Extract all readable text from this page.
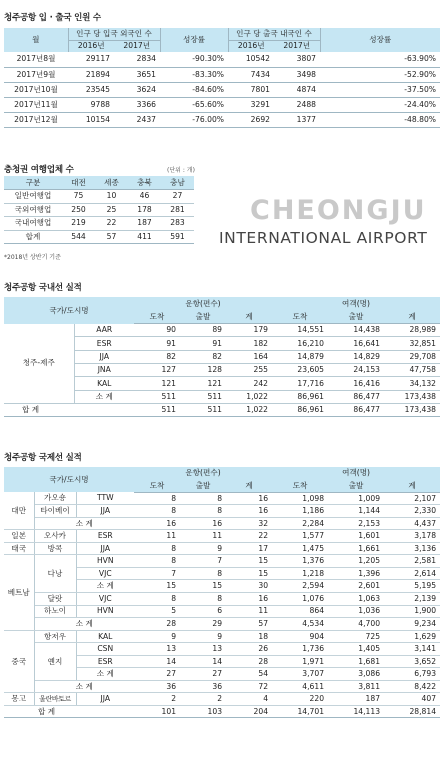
청주공항 입 · 출국 인원 수
월	인구 당 입국 외국인 수		성장률	인구 당 출국 내국인 수		성장률
	2016년	2017년		2016년	2017년	
2017년8월	29117	2834	-90.30%	10542	3807	-63.90%
2017년9월	21894	3651	-83.30%	7434	3498	-52.90%
2017년10월	23545	3624	-84.60%	7801	4874	-37.50%
2017년11월	9788	3366	-65.60%	3291	2488	-24.40%
2017년12월	10154	2437	-76.00%	2692	1377	-48.80%
충청권 여행업체 수	(단위 : 개)
구분	대전	세종	충북	충남
일반여행업	75	10	46	27
국외여행업	250	25	178	281
국내여행업	219	22	187	283
합계	544	57	411	591
*2018년 상반기 기준
CHEONGJU
INTERNATIONAL AIRPORT
청주공항 국내선 실적
국가/도시명		운항(편수)			여객(명)		
		도착	출발	계	도착	출발	계
청주-제주	AAR	90	89	179	14,551	14,438	28,989
	ESR	91	91	182	16,210	16,641	32,851
	JJA	82	82	164	14,879	14,829	29,708
	JNA	127	128	255	23,605	24,153	47,758
	KAL	121	121	242	17,716	16,416	34,132
	소 계	511	511	1,022	86,961	86,477	173,438
합 계		511	511	1,022	86,961	86,477	173,438
청주공항 국제선 실적
국가/도시명			운항(편수)			여객(명)		
			도착	출발	계	도착	출발	계
대만	가오숑	TTW	8	8	16	1,098	1,009	2,107
	타이베이	JJA	8	8	16	1,186	1,144	2,330
	소 계		16	16	32	2,284	2,153	4,437
일본	오사카	ESR	11	11	22	1,577	1,601	3,178
태국	방콕	JJA	8	9	17	1,475	1,661	3,136
베트남	다낭	HVN	8	7	15	1,376	1,205	2,581
		VJC	7	8	15	1,218	1,396	2,614
		소 계	15	15	30	2,594	2,601	5,195
	달랏	VJC	8	8	16	1,076	1,063	2,139
	하노이	HVN	5	6	11	864	1,036	1,900
	소 계		28	29	57	4,534	4,700	9,234
중국	항저우	KAL	9	9	18	904	725	1,629
	옌지	CSN	13	13	26	1,736	1,405	3,141
		ESR	14	14	28	1,971	1,681	3,652
		소 계	27	27	54	3,707	3,086	6,793
	소 계		36	36	72	4,611	3,811	8,422
몽고	울란바토르	JJA	2	2	4	220	187	407
합 계			101	103	204	14,701	14,113	28,814
